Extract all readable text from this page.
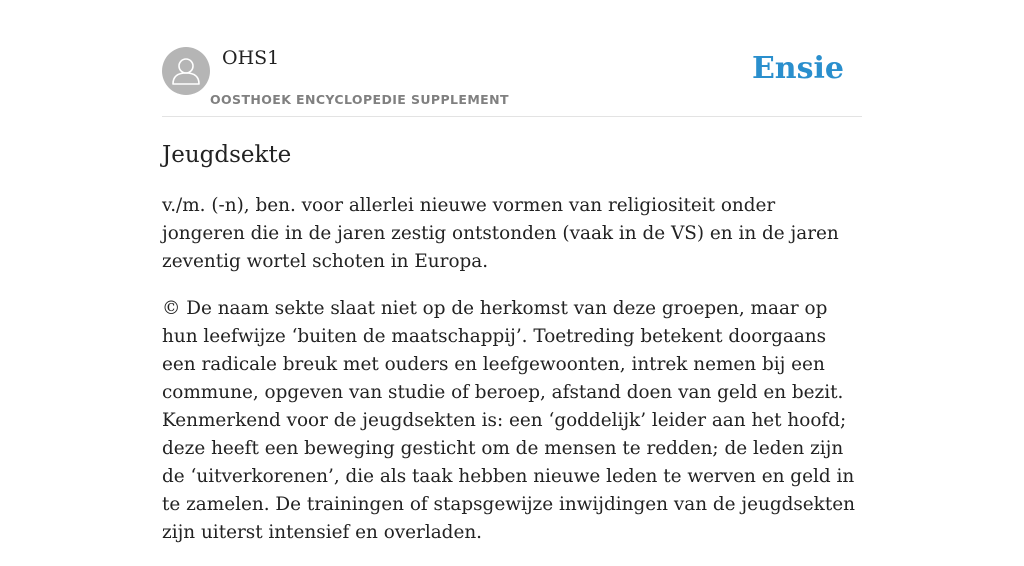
OHS1
OOSTHOEK ENCYCLOPEDIE SUPPLEMENT
Ensie
Jeugdsekte

v./m. (-n), ben. voor allerlei nieuwe vormen van religiositeit onder jongeren die in de jaren zestig ontstonden (vaak in de VS) en in de jaren zeventig wortel schoten in Europa.

© De naam sekte slaat niet op de herkomst van deze groepen, maar op hun leefwijze ‘buiten de maatschappij’. Toetreding betekent doorgaans een radicale breuk met ouders en leefgewoonten, intrek nemen bij een commune, opgeven van studie of beroep, afstand doen van geld en bezit. Kenmerkend voor de jeugdsekten is: een ‘goddelijk’ leider aan het hoofd; deze heeft een beweging gesticht om de mensen te redden; de leden zijn de ‘uitverkorenen’, die als taak hebben nieuwe leden te werven en geld in te zamelen. De trainingen of stapsgewijze inwijdingen van de jeugdsekten zijn uiterst intensief en overladen.
